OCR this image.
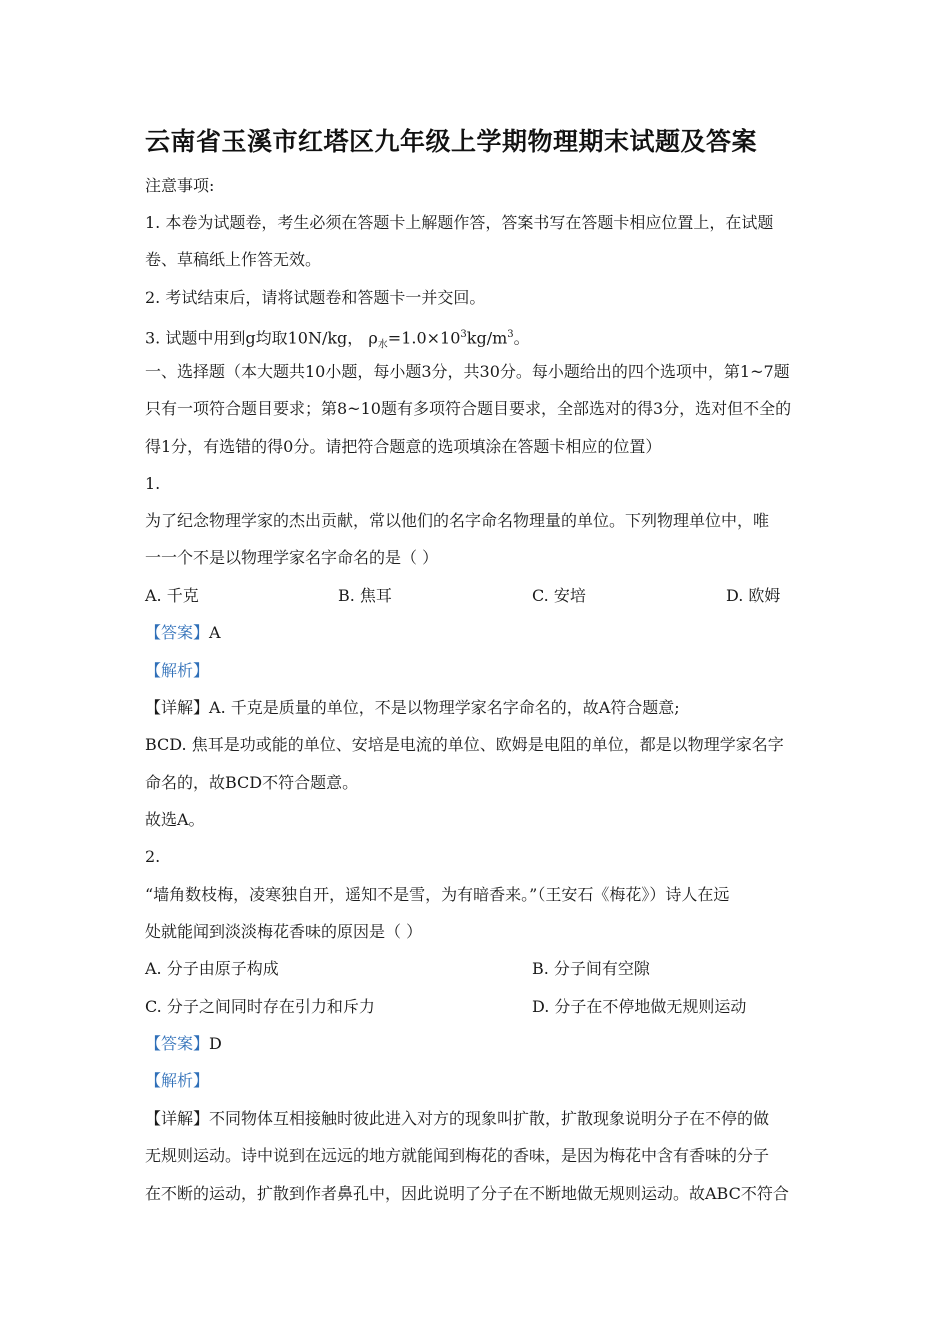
云南省玉溪市红塔区九年级上学期物理期末试题及答案
注意事项:
1. 本卷为试题卷，考生必须在答题卡上解题作答，答案书写在答题卡相应位置上，在试题
卷、草稿纸上作答无效。
2. 考试结束后，请将试题卷和答题卡一并交回。
3. 试题中用到g均取10N/kg， $\rho_水=1.0\times 10^3kg/m^3$。
一、选择题（本大题共10小题，每小题3分，共30分。每小题给出的四个选项中，第1~7题
只有一项符合题目要求；第8~10题有多项符合题目要求，全部选对的得3分，选对但不全的
得1分，有选错的得0分。请把符合题意的选项填涂在答题卡相应的位置）
1.
为了纪念物理学家的杰出贡献，常以他们的名字命名物理量的单位。下列物理单位中，唯
一一个不是以物理学家名字命名的是（ ）
A. 千克	B. 焦耳	C. 安培	D. 欧姆
【答案】A
【解析】
【详解】A. 千克是质量的单位，不是以物理学家名字命名的，故A符合题意;
BCD. 焦耳是功或能的单位、安培是电流的单位、欧姆是电阻的单位，都是以物理学家名字
命名的，故BCD不符合题意。
故选A。
2.
“墙角数枝梅，凌寒独自开，遥知不是雪，为有暗香来。”（王安石《梅花》）诗人在远
处就能闻到淡淡梅花香味的原因是（ ）
A. 分子由原子构成	B. 分子间有空隙
C. 分子之间同时存在引力和斥力	D. 分子在不停地做无规则运动
【答案】D
【解析】
【详解】不同物体互相接触时彼此进入对方的现象叫扩散，扩散现象说明分子在不停的做
无规则运动。诗中说到在远远的地方就能闻到梅花的香味，是因为梅花中含有香味的分子
在不断的运动，扩散到作者鼻孔中，因此说明了分子在不断地做无规则运动。故ABC不符合
